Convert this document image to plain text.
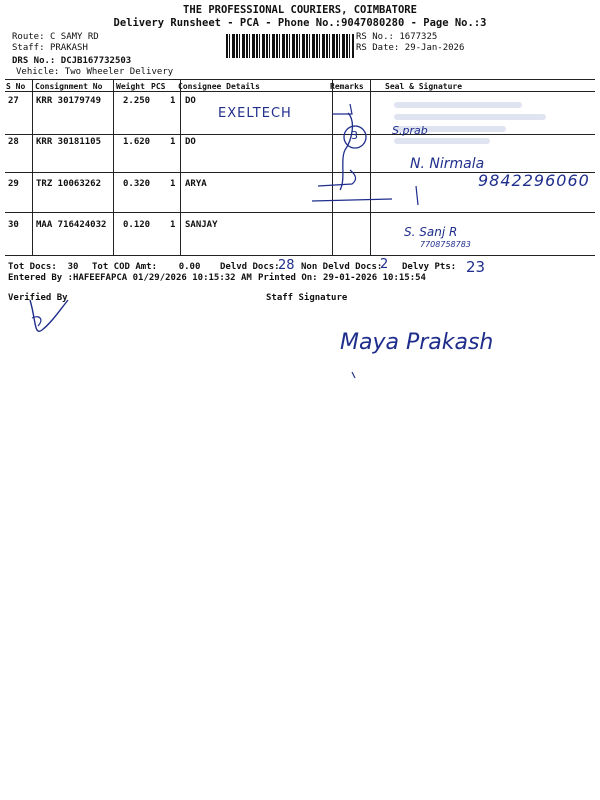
THE PROFESSIONAL COURIERS, COIMBATORE
Delivery Runsheet - PCA - Phone No.:9047080280 - Page No.:3
Route: C SAMY RD
Staff: PRAKASH
DRS No.: DCJB167732503
Vehicle: Two Wheeler Delivery
RS No.: 1677325
RS Date: 29-Jan-2026
S No Consignment No Weight PCS Consignee Details	Remarks	Seal & Signature
27 KRR 30179749 2.250 1 DO
28 KRR 30181105 1.620 1 DO
29 TRZ 10063262 0.320 1 ARYA
30 MAA 716424032 0.120 1 SANJAY
EXELTECH
3	S.prab
N. Nirmala
9842296060
S. Sanj R
7708758783
Tot Docs: 30 Tot COD Amt: 0.00 Delvd Docs:
28 Non Delvd Docs:
2 Delvy Pts: 23
Entered By :HAFEEFAPCA 01/29/2026 10:15:32 AM Printed On: 29-01-2026 10:15:54
Verified By	Staff Signature
Maya Prakash
